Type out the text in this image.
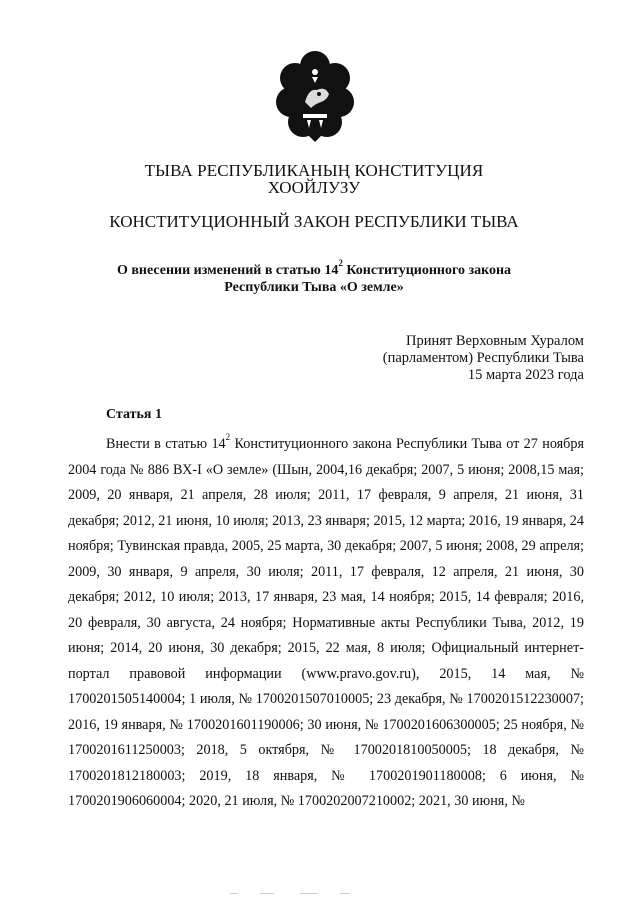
ТЫВА РЕСПУБЛИКАНЫҢ КОНСТИТУЦИЯ
ХООЙЛУЗУ
КОНСТИТУЦИОННЫЙ ЗАКОН РЕСПУБЛИКИ ТЫВА
О внесении изменений в статью $14^2$ Конституционного закона
Республики Тыва «О земле»
Принят Верховным Хуралом
(парламентом) Республики Тыва
15 марта 2023 года
Статья 1

Внести в статью $14^2$ Конституционного закона Республики Тыва от 27 ноября 2004 года № 886 ВХ-I «О земле» (Шын, 2004,16 декабря; 2007, 5 июня; 2008,15 мая; 2009, 20 января, 21 апреля, 28 июля; 2011, 17 февраля, 9 апреля, 21 июня, 31 декабря; 2012, 21 июня, 10 июля; 2013, 23 января; 2015, 12 марта; 2016, 19 января, 24 ноября; Тувинская правда, 2005, 25 марта, 30 декабря; 2007, 5 июня; 2008, 29 апреля; 2009, 30 января, 9 апреля, 30 июля; 2011, 17 февраля, 12 апреля, 21 июня, 30 декабря; 2012, 10 июля; 2013, 17 января, 23 мая, 14 ноября; 2015, 14 февраля; 2016, 20 февраля, 30 августа, 24 ноября; Нормативные акты Республики Тыва, 2012, 19 июня; 2014, 20 июня, 30 декабря; 2015, 22 мая, 8 июля; Официальный интернет-портал правовой информации (www.pravo.gov.ru), 2015, 14 мая, № 1700201505140004; 1 июля, № 1700201507010005; 23 декабря, № 1700201512230007; 2016, 19 января, № 1700201601190006; 30 июня, № 1700201606300005; 25 ноября, № 1700201611250003; 2018, 5 октября, № 1700201810050005; 18 декабря, № 1700201812180003; 2019, 18 января, № 1700201901180008; 6 июня, № 1700201906060004; 2020, 21 июля, № 1700202007210002; 2021, 30 июня, №
